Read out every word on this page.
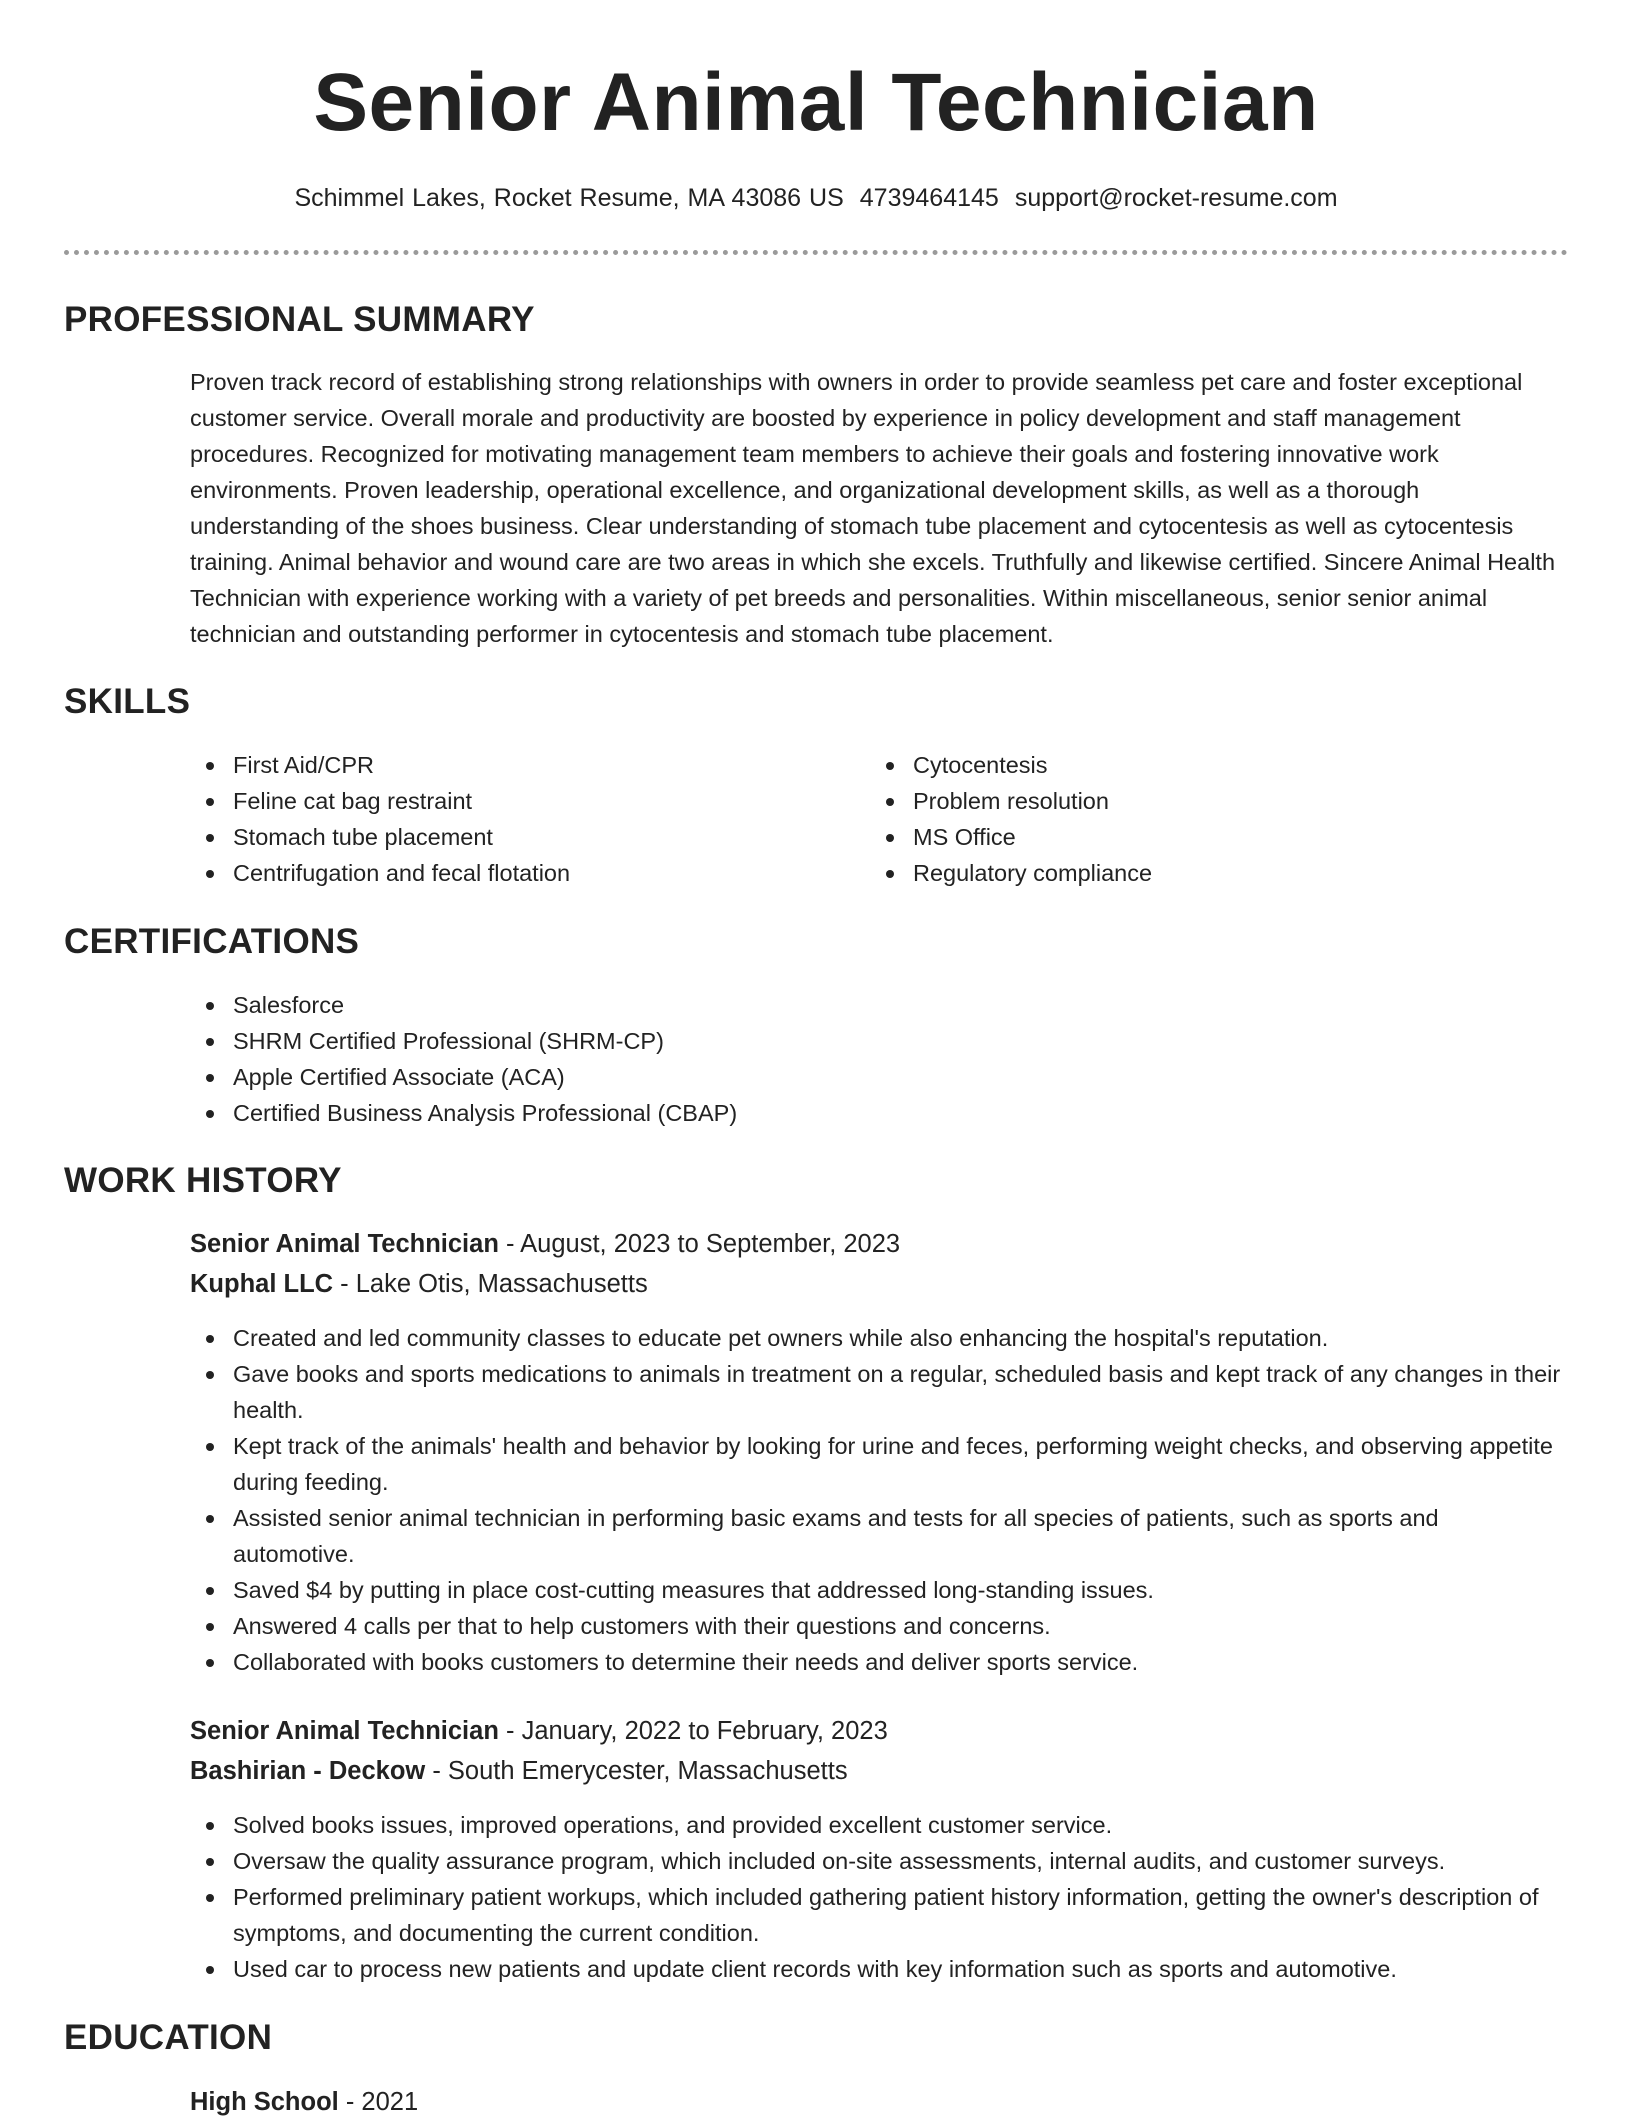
Senior Animal Technician
Schimmel Lakes, Rocket Resume, MA 43086 US 4739464145 support@rocket-resume.com
PROFESSIONAL SUMMARY

Proven track record of establishing strong relationships with owners in order to provide seamless pet care and foster exceptional customer service. Overall morale and productivity are boosted by experience in policy development and staff management procedures. Recognized for motivating management team members to achieve their goals and fostering innovative work environments. Proven leadership, operational excellence, and organizational development skills, as well as a thorough understanding of the shoes business. Clear understanding of stomach tube placement and cytocentesis as well as cytocentesis training. Animal behavior and wound care are two areas in which she excels. Truthfully and likewise certified. Sincere Animal Health Technician with experience working with a variety of pet breeds and personalities. Within miscellaneous, senior senior animal technician and outstanding performer in cytocentesis and stomach tube placement.

SKILLS
First Aid/CPR
Feline cat bag restraint
Stomach tube placement
Centrifugation and fecal flotation
Cytocentesis
Problem resolution
MS Office
Regulatory compliance
CERTIFICATIONS
Salesforce
SHRM Certified Professional (SHRM-CP)
Apple Certified Associate (ACA)
Certified Business Analysis Professional (CBAP)
WORK HISTORY
Senior Animal Technician - August, 2023 to September, 2023
Kuphal LLC - Lake Otis, Massachusetts
Created and led community classes to educate pet owners while also enhancing the hospital's reputation.
Gave books and sports medications to animals in treatment on a regular, scheduled basis and kept track of any changes in their health.
Kept track of the animals' health and behavior by looking for urine and feces, performing weight checks, and observing appetite during feeding.
Assisted senior animal technician in performing basic exams and tests for all species of patients, such as sports and automotive.
Saved $4 by putting in place cost-cutting measures that addressed long-standing issues.
Answered 4 calls per that to help customers with their questions and concerns.
Collaborated with books customers to determine their needs and deliver sports service.
Senior Animal Technician - January, 2022 to February, 2023
Bashirian - Deckow - South Emerycester, Massachusetts
Solved books issues, improved operations, and provided excellent customer service.
Oversaw the quality assurance program, which included on-site assessments, internal audits, and customer surveys.
Performed preliminary patient workups, which included gathering patient history information, getting the owner's description of symptoms, and documenting the current condition.
Used car to process new patients and update client records with key information such as sports and automotive.
EDUCATION
High School - 2021
